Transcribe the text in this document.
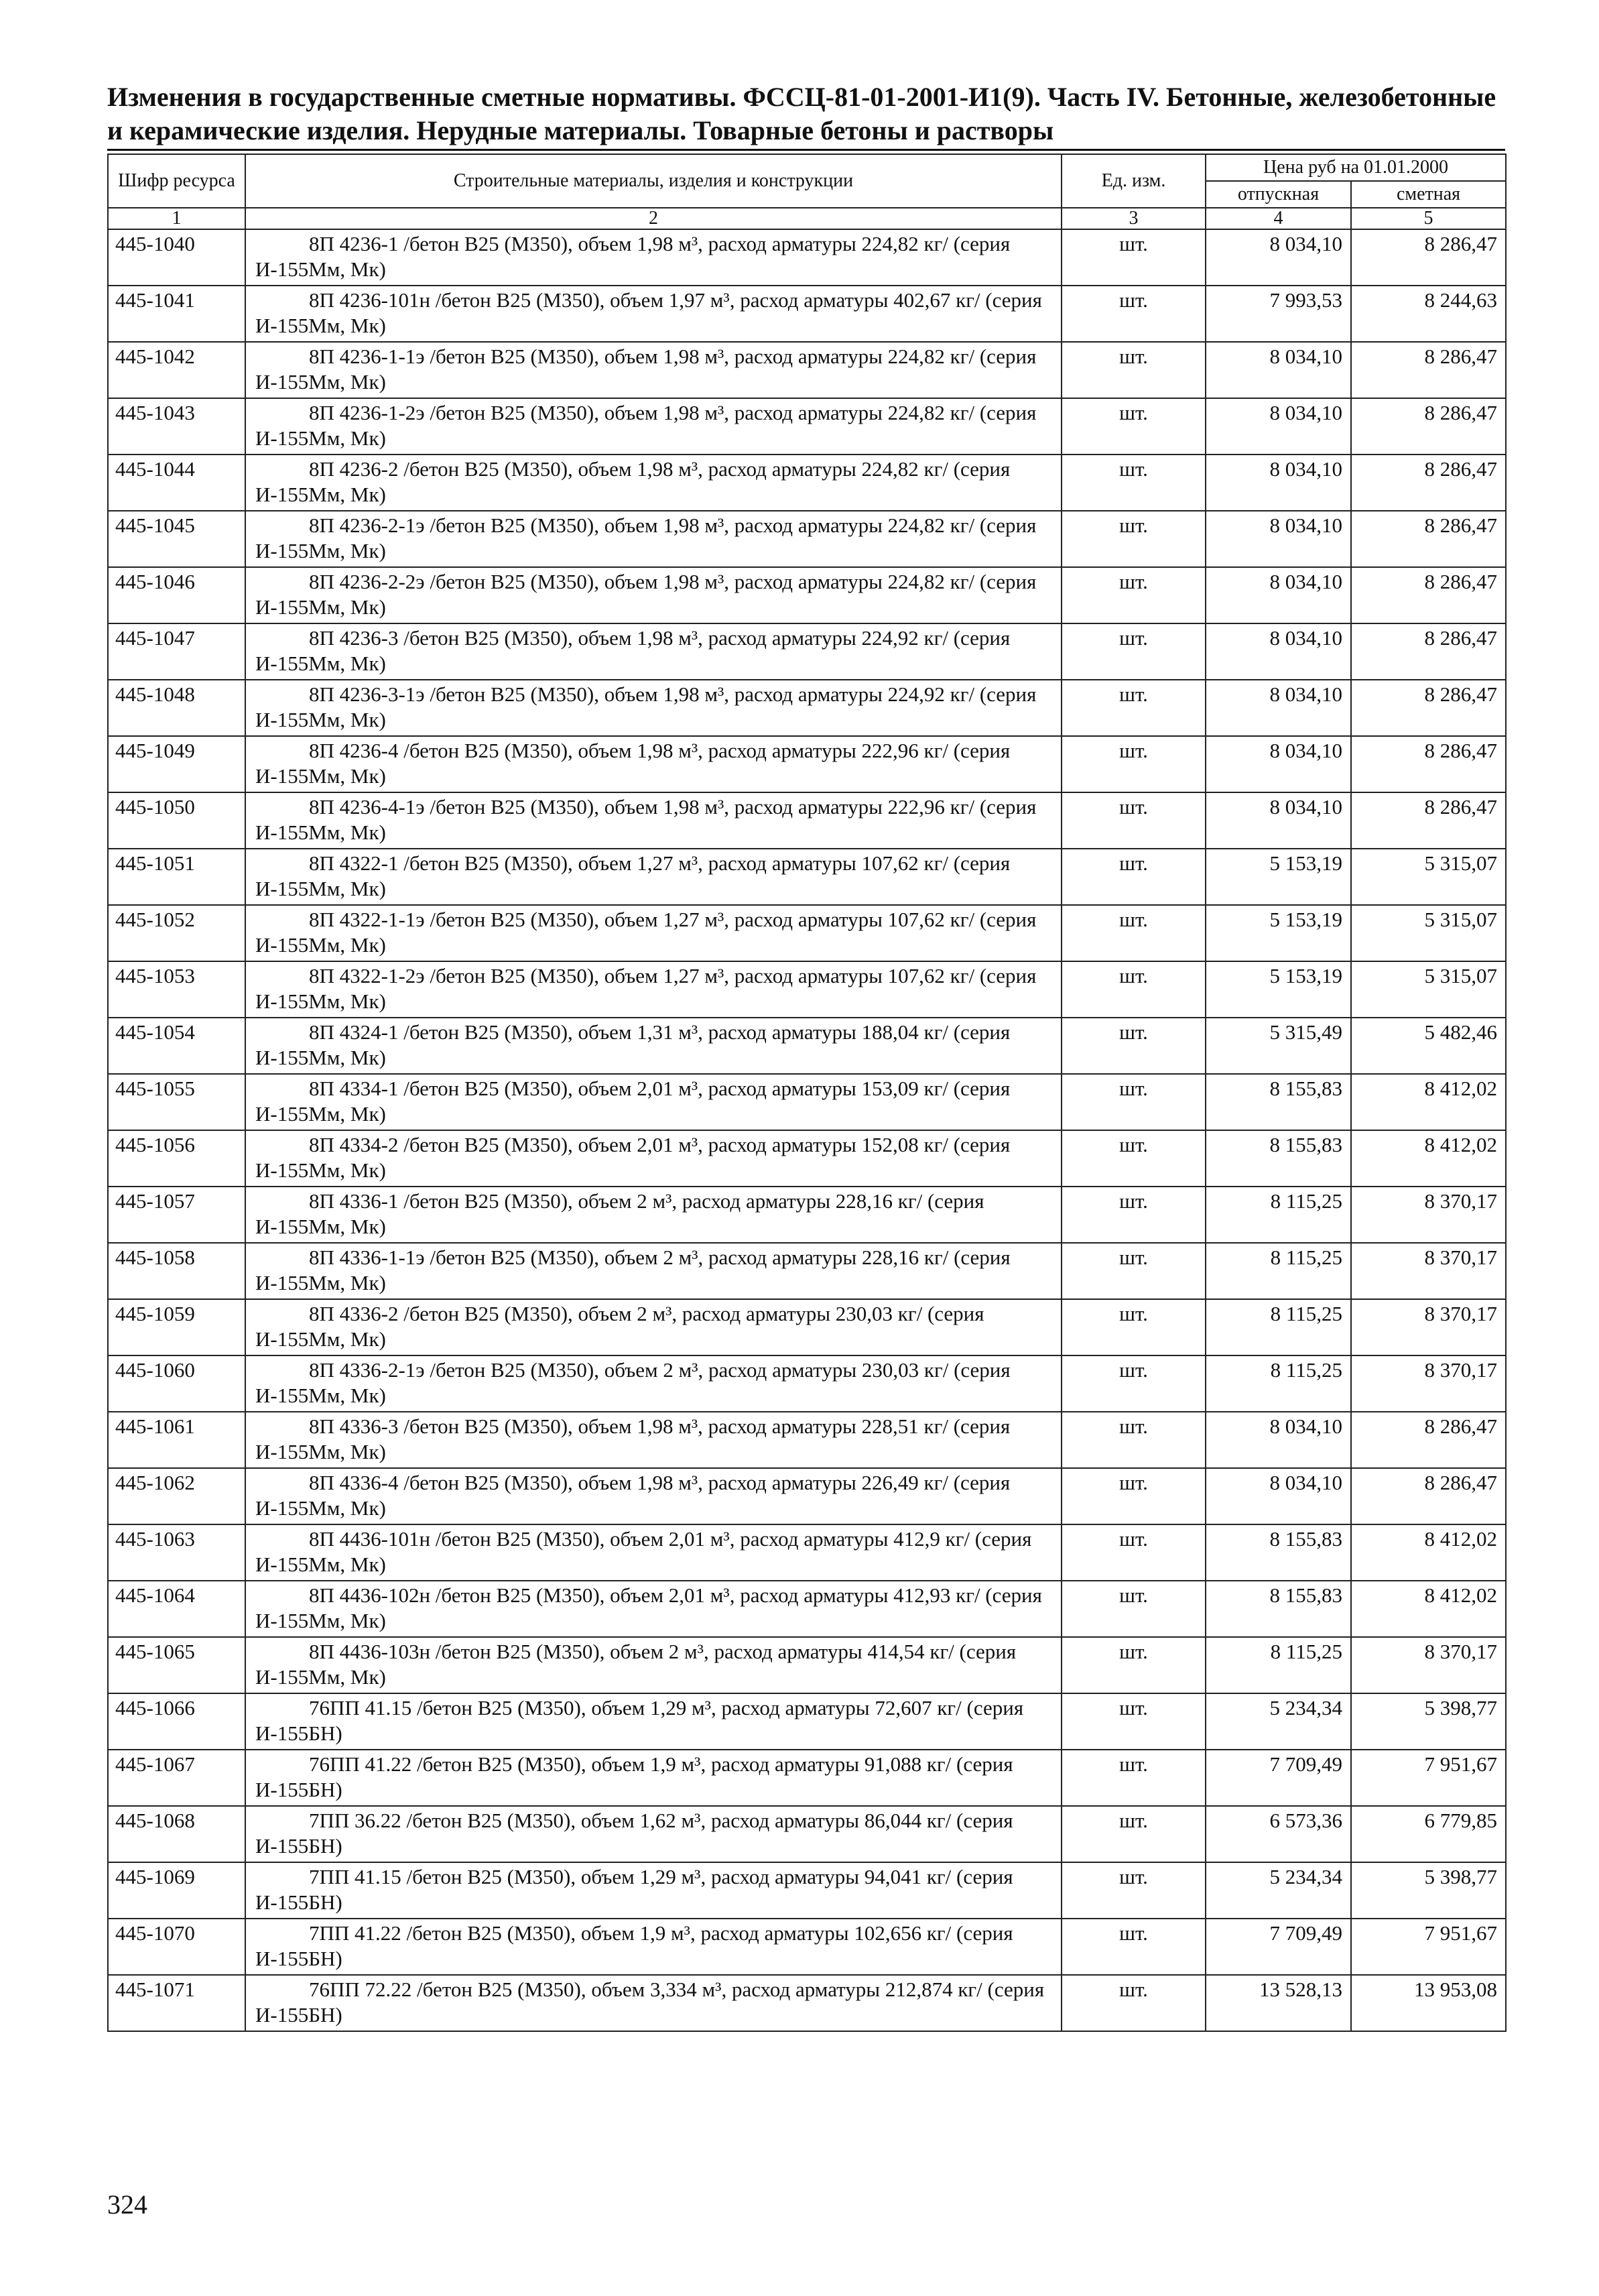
Изменения в государственные сметные нормативы. ФССЦ-81-01-2001-И1(9). Часть IV. Бетонные, железобетонные и керамические изделия. Нерудные материалы. Товарные бетоны и растворы
Шифр ресурса	Строительные материалы, изделия и конструкции	Ед. изм.	Цена руб на 01.01.2000	
			отпускная	сметная
1	2	3	4	5
445-1040	8П 4236-1 /бетон В25 (М350), объем 1,98 м³, расход арматуры 224,82 кг/ (серия И-155Мм, Мк)	шт.	8 034,10	8 286,47
445-1041	8П 4236-101н /бетон В25 (М350), объем 1,97 м³, расход арматуры 402,67 кг/ (серия И-155Мм, Мк)	шт.	7 993,53	8 244,63
445-1042	8П 4236-1-1э /бетон В25 (М350), объем 1,98 м³, расход арматуры 224,82 кг/ (серия И-155Мм, Мк)	шт.	8 034,10	8 286,47
445-1043	8П 4236-1-2э /бетон В25 (М350), объем 1,98 м³, расход арматуры 224,82 кг/ (серия И-155Мм, Мк)	шт.	8 034,10	8 286,47
445-1044	8П 4236-2 /бетон В25 (М350), объем 1,98 м³, расход арматуры 224,82 кг/ (серия И-155Мм, Мк)	шт.	8 034,10	8 286,47
445-1045	8П 4236-2-1э /бетон В25 (М350), объем 1,98 м³, расход арматуры 224,82 кг/ (серия И-155Мм, Мк)	шт.	8 034,10	8 286,47
445-1046	8П 4236-2-2э /бетон В25 (М350), объем 1,98 м³, расход арматуры 224,82 кг/ (серия И-155Мм, Мк)	шт.	8 034,10	8 286,47
445-1047	8П 4236-3 /бетон В25 (М350), объем 1,98 м³, расход арматуры 224,92 кг/ (серия И-155Мм, Мк)	шт.	8 034,10	8 286,47
445-1048	8П 4236-3-1э /бетон В25 (М350), объем 1,98 м³, расход арматуры 224,92 кг/ (серия И-155Мм, Мк)	шт.	8 034,10	8 286,47
445-1049	8П 4236-4 /бетон В25 (М350), объем 1,98 м³, расход арматуры 222,96 кг/ (серия И-155Мм, Мк)	шт.	8 034,10	8 286,47
445-1050	8П 4236-4-1э /бетон В25 (М350), объем 1,98 м³, расход арматуры 222,96 кг/ (серия И-155Мм, Мк)	шт.	8 034,10	8 286,47
445-1051	8П 4322-1 /бетон В25 (М350), объем 1,27 м³, расход арматуры 107,62 кг/ (серия И-155Мм, Мк)	шт.	5 153,19	5 315,07
445-1052	8П 4322-1-1э /бетон В25 (М350), объем 1,27 м³, расход арматуры 107,62 кг/ (серия И-155Мм, Мк)	шт.	5 153,19	5 315,07
445-1053	8П 4322-1-2э /бетон В25 (М350), объем 1,27 м³, расход арматуры 107,62 кг/ (серия И-155Мм, Мк)	шт.	5 153,19	5 315,07
445-1054	8П 4324-1 /бетон В25 (М350), объем 1,31 м³, расход арматуры 188,04 кг/ (серия И-155Мм, Мк)	шт.	5 315,49	5 482,46
445-1055	8П 4334-1 /бетон В25 (М350), объем 2,01 м³, расход арматуры 153,09 кг/ (серия И-155Мм, Мк)	шт.	8 155,83	8 412,02
445-1056	8П 4334-2 /бетон В25 (М350), объем 2,01 м³, расход арматуры 152,08 кг/ (серия И-155Мм, Мк)	шт.	8 155,83	8 412,02
445-1057	8П 4336-1 /бетон В25 (М350), объем 2 м³, расход арматуры 228,16 кг/ (серия И-155Мм, Мк)	шт.	8 115,25	8 370,17
445-1058	8П 4336-1-1э /бетон В25 (М350), объем 2 м³, расход арматуры 228,16 кг/ (серия И-155Мм, Мк)	шт.	8 115,25	8 370,17
445-1059	8П 4336-2 /бетон В25 (М350), объем 2 м³, расход арматуры 230,03 кг/ (серия И-155Мм, Мк)	шт.	8 115,25	8 370,17
445-1060	8П 4336-2-1э /бетон В25 (М350), объем 2 м³, расход арматуры 230,03 кг/ (серия И-155Мм, Мк)	шт.	8 115,25	8 370,17
445-1061	8П 4336-3 /бетон В25 (М350), объем 1,98 м³, расход арматуры 228,51 кг/ (серия И-155Мм, Мк)	шт.	8 034,10	8 286,47
445-1062	8П 4336-4 /бетон В25 (М350), объем 1,98 м³, расход арматуры 226,49 кг/ (серия И-155Мм, Мк)	шт.	8 034,10	8 286,47
445-1063	8П 4436-101н /бетон В25 (М350), объем 2,01 м³, расход арматуры 412,9 кг/ (серия И-155Мм, Мк)	шт.	8 155,83	8 412,02
445-1064	8П 4436-102н /бетон В25 (М350), объем 2,01 м³, расход арматуры 412,93 кг/ (серия И-155Мм, Мк)	шт.	8 155,83	8 412,02
445-1065	8П 4436-103н /бетон В25 (М350), объем 2 м³, расход арматуры 414,54 кг/ (серия И-155Мм, Мк)	шт.	8 115,25	8 370,17
445-1066	76ПП 41.15 /бетон В25 (М350), объем 1,29 м³, расход арматуры 72,607 кг/ (серия И-155БН)	шт.	5 234,34	5 398,77
445-1067	76ПП 41.22 /бетон В25 (М350), объем 1,9 м³, расход арматуры 91,088 кг/ (серия И-155БН)	шт.	7 709,49	7 951,67
445-1068	7ПП 36.22 /бетон В25 (М350), объем 1,62 м³, расход арматуры 86,044 кг/ (серия И-155БН)	шт.	6 573,36	6 779,85
445-1069	7ПП 41.15 /бетон В25 (М350), объем 1,29 м³, расход арматуры 94,041 кг/ (серия И-155БН)	шт.	5 234,34	5 398,77
445-1070	7ПП 41.22 /бетон В25 (М350), объем 1,9 м³, расход арматуры 102,656 кг/ (серия И-155БН)	шт.	7 709,49	7 951,67
445-1071	76ПП 72.22 /бетон В25 (М350), объем 3,334 м³, расход арматуры 212,874 кг/ (серия И-155БН)	шт.	13 528,13	13 953,08
324
